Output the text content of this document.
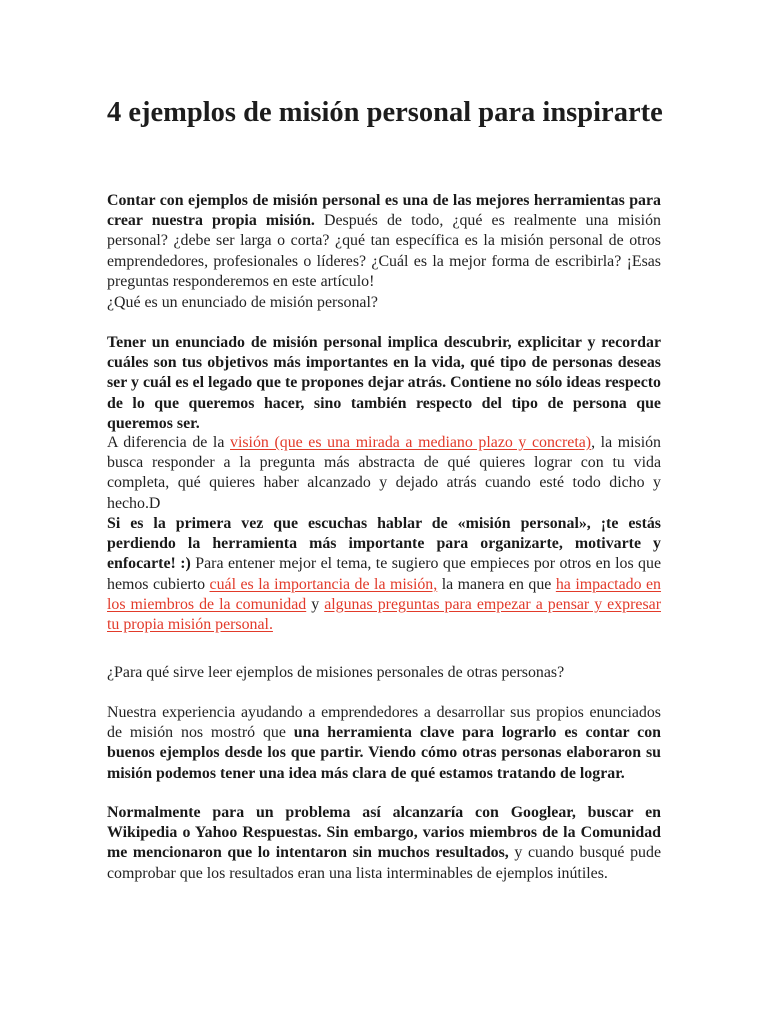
4 ejemplos de misión personal para inspirarte

Contar con ejemplos de misión personal es una de las mejores herramientas para crear nuestra propia misión. Después de todo, ¿qué es realmente una misión personal? ¿debe ser larga o corta? ¿qué tan específica es la misión personal de otros emprendedores, profesionales o líderes? ¿Cuál es la mejor forma de escribirla? ¡Esas preguntas responderemos en este artículo!

¿Qué es un enunciado de misión personal?

Tener un enunciado de misión personal implica descubrir, explicitar y recordar cuáles son tus objetivos más importantes en la vida, qué tipo de personas deseas ser y cuál es el legado que te propones dejar atrás. Contiene no sólo ideas respecto de lo que queremos hacer, sino también respecto del tipo de persona que queremos ser.

A diferencia de la visión (que es una mirada a mediano plazo y concreta), la misión busca responder a la pregunta más abstracta de qué quieres lograr con tu vida completa, qué quieres haber alcanzado y dejado atrás cuando esté todo dicho y hecho.D

Si es la primera vez que escuchas hablar de «misión personal», ¡te estás perdiendo la herramienta más importante para organizarte, motivarte y enfocarte! :) Para entener mejor el tema, te sugiero que empieces por otros en los que hemos cubierto cuál es la importancia de la misión, la manera en que ha impactado en los miembros de la comunidad y algunas preguntas para empezar a pensar y expresar tu propia misión personal.

¿Para qué sirve leer ejemplos de misiones personales de otras personas?

Nuestra experiencia ayudando a emprendedores a desarrollar sus propios enunciados de misión nos mostró que una herramienta clave para lograrlo es contar con buenos ejemplos desde los que partir. Viendo cómo otras personas elaboraron su misión podemos tener una idea más clara de qué estamos tratando de lograr.

Normalmente para un problema así alcanzaría con Googlear, buscar en Wikipedia o Yahoo Respuestas. Sin embargo, varios miembros de la Comunidad me mencionaron que lo intentaron sin muchos resultados, y cuando busqué pude comprobar que los resultados eran una lista interminables de ejemplos inútiles.
